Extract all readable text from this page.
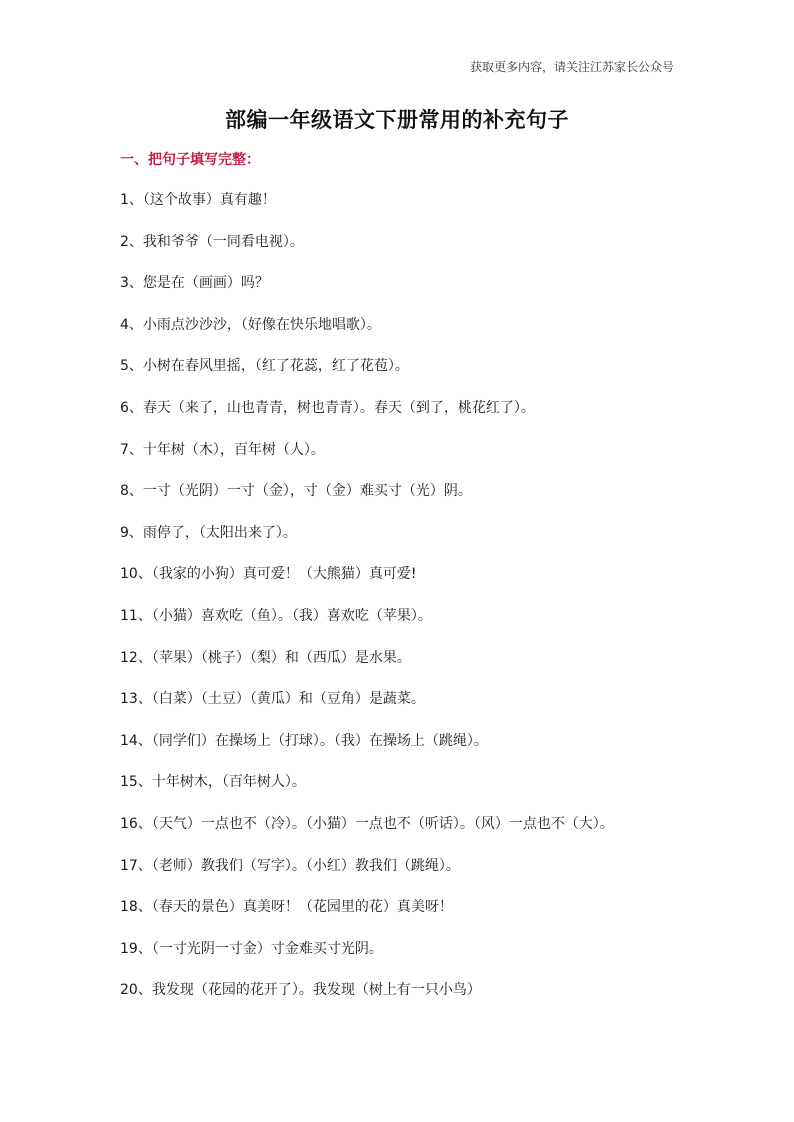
获取更多内容，请关注江苏家长公众号
部编一年级语文下册常用的补充句子
一、把句子填写完整：
1、（这个故事）真有趣！
2、我和爷爷（一同看电视）。
3、您是在（画画）吗？
4、小雨点沙沙沙，（好像在快乐地唱歌）。
5、小树在春风里摇，（红了花蕊，红了花苞）。
6、春天（来了，山也青青，树也青青）。春天（到了，桃花红了）。
7、十年树（木），百年树（人）。
8、一寸（光阴）一寸（金），寸（金）难买寸（光）阴。
9、雨停了，（太阳出来了）。
10、（我家的小狗）真可爱！（大熊猫）真可爱!
11、（小猫）喜欢吃（鱼）。（我）喜欢吃（苹果）。
12、（苹果）（桃子）（梨）和（西瓜）是水果。
13、（白菜）（土豆）（黄瓜）和（豆角）是蔬菜。
14、（同学们）在操场上（打球）。（我）在操场上（跳绳）。
15、十年树木，（百年树人）。
16、（天气）一点也不（冷）。（小猫）一点也不（听话）。（风）一点也不（大）。
17、（老师）教我们（写字）。（小红）教我们（跳绳）。
18、（春天的景色）真美呀！（花园里的花）真美呀！
19、（一寸光阴一寸金）寸金难买寸光阴。
20、我发现（花园的花开了）。我发现（树上有一只小鸟）
